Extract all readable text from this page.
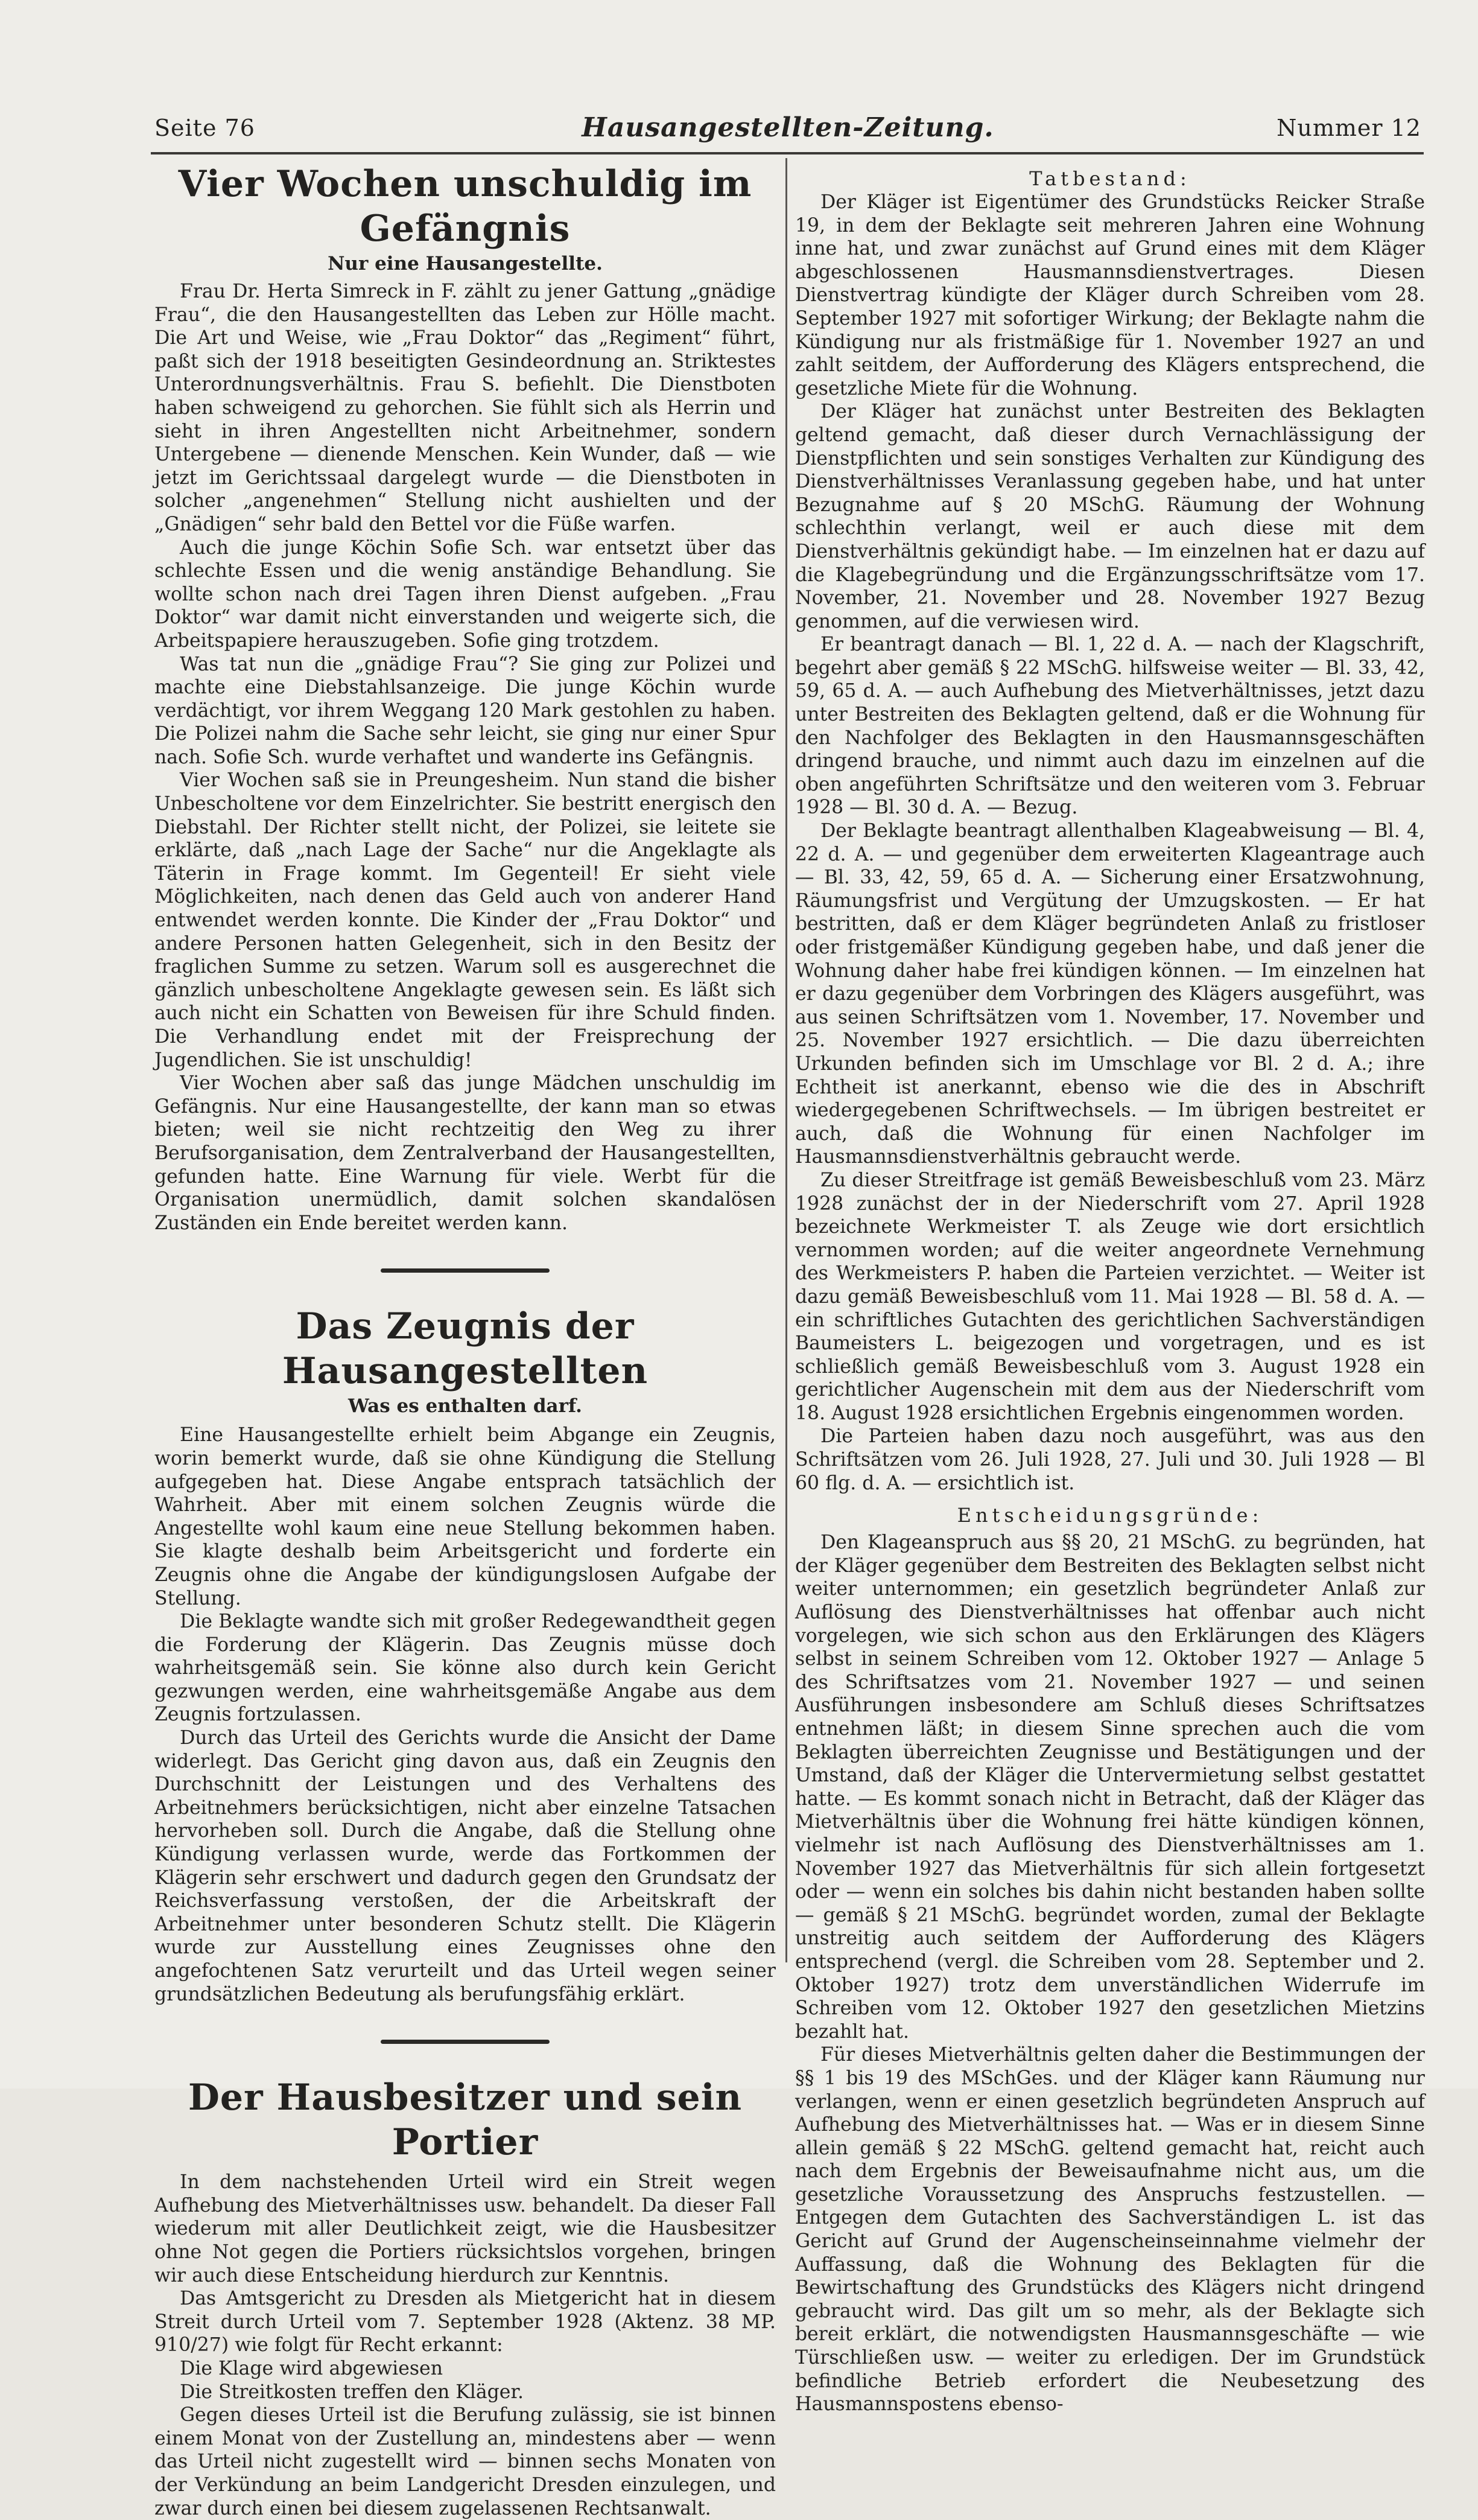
Seite 76	Hausangestellten-Zeitung.	Nummer 12
Vier Wochen unschuldig im Gefängnis
Nur eine Hausangestellte.

Frau Dr. Herta Simreck in F. zählt zu jener Gattung „gnädige Frau“, die den Hausangestellten das Leben zur Hölle macht. Die Art und Weise, wie „Frau Doktor“ das „Regiment“ führt, paßt sich der 1918 beseitigten Gesindeordnung an. Striktestes Unterordnungsverhältnis. Frau S. befiehlt. Die Dienstboten haben schweigend zu gehorchen. Sie fühlt sich als Herrin und sieht in ihren Angestellten nicht Arbeitnehmer, sondern Untergebene — dienende Menschen. Kein Wunder, daß — wie jetzt im Gerichtssaal dargelegt wurde — die Dienstboten in solcher „angenehmen“ Stellung nicht aushielten und der „Gnädigen“ sehr bald den Bettel vor die Füße warfen.

Auch die junge Köchin Sofie Sch. war entsetzt über das schlechte Essen und die wenig anständige Behandlung. Sie wollte schon nach drei Tagen ihren Dienst aufgeben. „Frau Doktor“ war damit nicht einverstanden und weigerte sich, die Arbeitspapiere herauszugeben. Sofie ging trotzdem.

Was tat nun die „gnädige Frau“? Sie ging zur Polizei und machte eine Diebstahlsanzeige. Die junge Köchin wurde verdächtigt, vor ihrem Weggang 120 Mark gestohlen zu haben. Die Polizei nahm die Sache sehr leicht, sie ging nur einer Spur nach. Sofie Sch. wurde verhaftet und wanderte ins Gefängnis.

Vier Wochen saß sie in Preungesheim. Nun stand die bisher Unbescholtene vor dem Einzelrichter. Sie bestritt energisch den Diebstahl. Der Richter stellt nicht, der Polizei, sie leitete sie erklärte, daß „nach Lage der Sache“ nur die Angeklagte als Täterin in Frage kommt. Im Gegenteil! Er sieht viele Möglichkeiten, nach denen das Geld auch von anderer Hand entwendet werden konnte. Die Kinder der „Frau Doktor“ und andere Personen hatten Gelegenheit, sich in den Besitz der fraglichen Summe zu setzen. Warum soll es ausgerechnet die gänzlich unbescholtene Angeklagte gewesen sein. Es läßt sich auch nicht ein Schatten von Beweisen für ihre Schuld finden. Die Verhandlung endet mit der Freisprechung der Jugendlichen. Sie ist unschuldig!

Vier Wochen aber saß das junge Mädchen unschuldig im Gefängnis. Nur eine Hausangestellte, der kann man so etwas bieten; weil sie nicht rechtzeitig den Weg zu ihrer Berufsorganisation, dem Zentralverband der Hausangestellten, gefunden hatte. Eine Warnung für viele. Werbt für die Organisation unermüdlich, damit solchen skandalösen Zuständen ein Ende bereitet werden kann.

Das Zeugnis der Hausangestellten
Was es enthalten darf.

Eine Hausangestellte erhielt beim Abgange ein Zeugnis, worin bemerkt wurde, daß sie ohne Kündigung die Stellung aufgegeben hat. Diese Angabe entsprach tatsächlich der Wahrheit. Aber mit einem solchen Zeugnis würde die Angestellte wohl kaum eine neue Stellung bekommen haben. Sie klagte deshalb beim Arbeitsgericht und forderte ein Zeugnis ohne die Angabe der kündigungslosen Aufgabe der Stellung.

Die Beklagte wandte sich mit großer Redegewandtheit gegen die Forderung der Klägerin. Das Zeugnis müsse doch wahrheitsgemäß sein. Sie könne also durch kein Gericht gezwungen werden, eine wahrheitsgemäße Angabe aus dem Zeugnis fortzulassen.

Durch das Urteil des Gerichts wurde die Ansicht der Dame widerlegt. Das Gericht ging davon aus, daß ein Zeugnis den Durchschnitt der Leistungen und des Verhaltens des Arbeitnehmers berücksichtigen, nicht aber einzelne Tatsachen hervorheben soll. Durch die Angabe, daß die Stellung ohne Kündigung verlassen wurde, werde das Fortkommen der Klägerin sehr erschwert und dadurch gegen den Grundsatz der Reichsverfassung verstoßen, der die Arbeitskraft der Arbeitnehmer unter besonderen Schutz stellt. Die Klägerin wurde zur Ausstellung eines Zeugnisses ohne den angefochtenen Satz verurteilt und das Urteil wegen seiner grundsätzlichen Bedeutung als berufungsfähig erklärt.

Der Hausbesitzer und sein Portier

In dem nachstehenden Urteil wird ein Streit wegen Aufhebung des Mietverhältnisses usw. behandelt. Da dieser Fall wiederum mit aller Deutlichkeit zeigt, wie die Hausbesitzer ohne Not gegen die Portiers rücksichtslos vorgehen, bringen wir auch diese Entscheidung hierdurch zur Kenntnis.

Das Amtsgericht zu Dresden als Mietgericht hat in diesem Streit durch Urteil vom 7. September 1928 (Aktenz. 38 MP. 910/27) wie folgt für Recht erkannt:

Die Klage wird abgewiesen

Die Streitkosten treffen den Kläger.

Gegen dieses Urteil ist die Berufung zulässig, sie ist binnen einem Monat von der Zustellung an, mindestens aber — wenn das Urteil nicht zugestellt wird — binnen sechs Monaten von der Verkündung an beim Landgericht Dresden einzulegen, und zwar durch einen bei diesem zugelassenen Rechtsanwalt.

Tatbestand:

Der Kläger ist Eigentümer des Grundstücks Reicker Straße 19, in dem der Beklagte seit mehreren Jahren eine Wohnung inne hat, und zwar zunächst auf Grund eines mit dem Kläger abgeschlossenen Hausmannsdienstvertrages. Diesen Dienstvertrag kündigte der Kläger durch Schreiben vom 28. September 1927 mit sofortiger Wirkung; der Beklagte nahm die Kündigung nur als fristmäßige für 1. November 1927 an und zahlt seitdem, der Aufforderung des Klägers entsprechend, die gesetzliche Miete für die Wohnung.

Der Kläger hat zunächst unter Bestreiten des Beklagten geltend gemacht, daß dieser durch Vernachlässigung der Dienstpflichten und sein sonstiges Verhalten zur Kündigung des Dienstverhältnisses Veranlassung gegeben habe, und hat unter Bezugnahme auf § 20 MSchG. Räumung der Wohnung schlechthin verlangt, weil er auch diese mit dem Dienstverhältnis gekündigt habe. — Im einzelnen hat er dazu auf die Klagebegründung und die Ergänzungsschriftsätze vom 17. November, 21. November und 28. November 1927 Bezug genommen, auf die verwiesen wird.

Er beantragt danach — Bl. 1, 22 d. A. — nach der Klagschrift, begehrt aber gemäß § 22 MSchG. hilfsweise weiter — Bl. 33, 42, 59, 65 d. A. — auch Aufhebung des Mietverhältnisses, jetzt dazu unter Bestreiten des Beklagten geltend, daß er die Wohnung für den Nachfolger des Beklagten in den Hausmannsgeschäften dringend brauche, und nimmt auch dazu im einzelnen auf die oben angeführten Schriftsätze und den weiteren vom 3. Februar 1928 — Bl. 30 d. A. — Bezug.

Der Beklagte beantragt allenthalben Klageabweisung — Bl. 4, 22 d. A. — und gegenüber dem erweiterten Klageantrage auch — Bl. 33, 42, 59, 65 d. A. — Sicherung einer Ersatzwohnung, Räumungsfrist und Vergütung der Umzugskosten. — Er hat bestritten, daß er dem Kläger begründeten Anlaß zu fristloser oder fristgemäßer Kündigung gegeben habe, und daß jener die Wohnung daher habe frei kündigen können. — Im einzelnen hat er dazu gegenüber dem Vorbringen des Klägers ausgeführt, was aus seinen Schriftsätzen vom 1. November, 17. November und 25. November 1927 ersichtlich. — Die dazu überreichten Urkunden befinden sich im Umschlage vor Bl. 2 d. A.; ihre Echtheit ist anerkannt, ebenso wie die des in Abschrift wiedergegebenen Schriftwechsels. — Im übrigen bestreitet er auch, daß die Wohnung für einen Nachfolger im Hausmannsdienstverhältnis gebraucht werde.

Zu dieser Streitfrage ist gemäß Beweisbeschluß vom 23. März 1928 zunächst der in der Niederschrift vom 27. April 1928 bezeichnete Werkmeister T. als Zeuge wie dort ersichtlich vernommen worden; auf die weiter angeordnete Vernehmung des Werkmeisters P. haben die Parteien verzichtet. — Weiter ist dazu gemäß Beweisbeschluß vom 11. Mai 1928 — Bl. 58 d. A. — ein schriftliches Gutachten des gerichtlichen Sachverständigen Baumeisters L. beigezogen und vorgetragen, und es ist schließlich gemäß Beweisbeschluß vom 3. August 1928 ein gerichtlicher Augenschein mit dem aus der Niederschrift vom 18. August 1928 ersichtlichen Ergebnis eingenommen worden.

Die Parteien haben dazu noch ausgeführt, was aus den Schriftsätzen vom 26. Juli 1928, 27. Juli und 30. Juli 1928 — Bl 60 flg. d. A. — ersichtlich ist.

Entscheidungsgründe:

Den Klageanspruch aus §§ 20, 21 MSchG. zu begründen, hat der Kläger gegenüber dem Bestreiten des Beklagten selbst nicht weiter unternommen; ein gesetzlich begründeter Anlaß zur Auflösung des Dienstverhältnisses hat offenbar auch nicht vorgelegen, wie sich schon aus den Erklärungen des Klägers selbst in seinem Schreiben vom 12. Oktober 1927 — Anlage 5 des Schriftsatzes vom 21. November 1927 — und seinen Ausführungen insbesondere am Schluß dieses Schriftsatzes entnehmen läßt; in diesem Sinne sprechen auch die vom Beklagten überreichten Zeugnisse und Bestätigungen und der Umstand, daß der Kläger die Untervermietung selbst gestattet hatte. — Es kommt sonach nicht in Betracht, daß der Kläger das Mietverhältnis über die Wohnung frei hätte kündigen können, vielmehr ist nach Auflösung des Dienstverhältnisses am 1. November 1927 das Mietverhältnis für sich allein fortgesetzt oder — wenn ein solches bis dahin nicht bestanden haben sollte — gemäß § 21 MSchG. begründet worden, zumal der Beklagte unstreitig auch seitdem der Aufforderung des Klägers entsprechend (vergl. die Schreiben vom 28. September und 2. Oktober 1927) trotz dem unverständlichen Widerrufe im Schreiben vom 12. Oktober 1927 den gesetzlichen Mietzins bezahlt hat.

Für dieses Mietverhältnis gelten daher die Bestimmungen der §§ 1 bis 19 des MSchGes. und der Kläger kann Räumung nur verlangen, wenn er einen gesetzlich begründeten Anspruch auf Aufhebung des Mietverhältnisses hat. — Was er in diesem Sinne allein gemäß § 22 MSchG. geltend gemacht hat, reicht auch nach dem Ergebnis der Beweisaufnahme nicht aus, um die gesetzliche Voraussetzung des Anspruchs festzustellen. — Entgegen dem Gutachten des Sachverständigen L. ist das Gericht auf Grund der Augenscheinseinnahme vielmehr der Auffassung, daß die Wohnung des Beklagten für die Bewirtschaftung des Grundstücks des Klägers nicht dringend gebraucht wird. Das gilt um so mehr, als der Beklagte sich bereit erklärt, die notwendigsten Hausmannsgeschäfte — wie Türschließen usw. — weiter zu erledigen. Der im Grundstück befindliche Betrieb erfordert die Neubesetzung des Hausmannspostens ebenso-
